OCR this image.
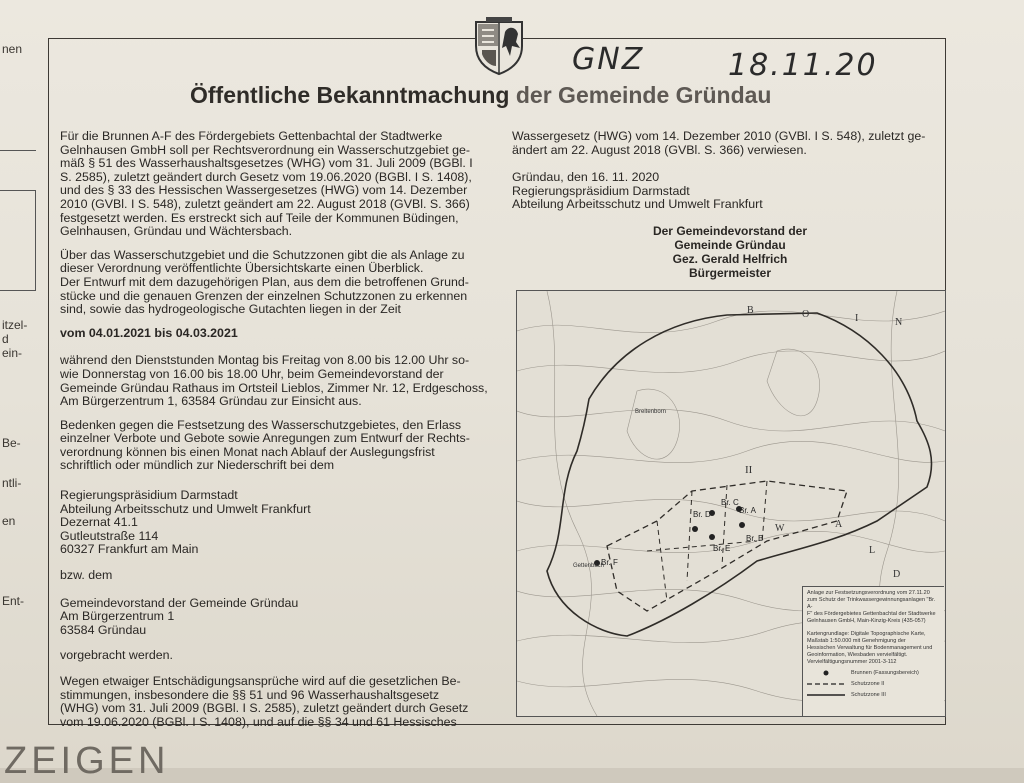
nen
itzel-
d
ein-
Be-
ntli-
en
Ent-
ZEIGEN
GNZ	18.11.20
Öffentliche Bekanntmachung der Gemeinde Gründau

Für die Brunnen A-F des Fördergebiets Gettenbachtal der Stadtwerke

Gelnhausen GmbH soll per Rechtsverordnung ein Wasserschutzgebiet ge-

mäß § 51 des Wasserhaushaltsgesetzes (WHG) vom 31. Juli 2009 (BGBl. I

S. 2585), zuletzt geändert durch Gesetz vom 19.06.2020 (BGBl. I S. 1408),

und des § 33 des Hessischen Wassergesetzes (HWG) vom 14. Dezember

2010 (GVBl. I S. 548), zuletzt geändert am 22. August 2018 (GVBl. S. 366)

festgesetzt werden. Es erstreckt sich auf Teile der Kommunen Büdingen,

Gelnhausen, Gründau und Wächtersbach.

Über das Wasserschutzgebiet und die Schutzzonen gibt die als Anlage zu

dieser Verordnung veröffentlichte Übersichtskarte einen Überblick.

Der Entwurf mit dem dazugehörigen Plan, aus dem die betroffenen Grund-

stücke und die genauen Grenzen der einzelnen Schutzzonen zu erkennen

sind, sowie das hydrogeologische Gutachten liegen in der Zeit

vom 04.01.2021 bis 04.03.2021

während den Dienststunden Montag bis Freitag von 8.00 bis 12.00 Uhr so-

wie Donnerstag von 16.00 bis 18.00 Uhr, beim Gemeindevorstand der

Gemeinde Gründau Rathaus im Ortsteil Lieblos, Zimmer Nr. 12, Erdgeschoss,

Am Bürgerzentrum 1, 63584 Gründau zur Einsicht aus.

Bedenken gegen die Festsetzung des Wasserschutzgebietes, den Erlass

einzelner Verbote und Gebote sowie Anregungen zum Entwurf der Rechts-

verordnung können bis einen Monat nach Ablauf der Auslegungsfrist

schriftlich oder mündlich zur Niederschrift bei dem

Regierungspräsidium Darmstadt

Abteilung Arbeitsschutz und Umwelt Frankfurt

Dezernat 41.1

Gutleutstraße 114

60327 Frankfurt am Main

bzw. dem

Gemeindevorstand der Gemeinde Gründau

Am Bürgerzentrum 1

63584 Gründau

vorgebracht werden.

Wegen etwaiger Entschädigungsansprüche wird auf die gesetzlichen Be-

stimmungen, insbesondere die §§ 51 und 96 Wasserhaushaltsgesetz

(WHG) vom 31. Juli 2009 (BGBl. I S. 2585), zuletzt geändert durch Gesetz

vom 19.06.2020 (BGBl. I S. 1408), und auf die §§ 34 und 61 Hessisches

Wassergesetz (HWG) vom 14. Dezember 2010 (GVBl. I S. 548), zuletzt ge-

ändert am 22. August 2018 (GVBl. S. 366) verwiesen.

Gründau, den 16. 11. 2020

Regierungspräsidium Darmstadt

Abteilung Arbeitsschutz und Umwelt Frankfurt

Der Gemeindevorstand der
Gemeinde Gründau
Gez. Gerald Helfrich
Bürgermeister
Br. D
Br. E
Br. A
Br. C
Br. B
Br. F
Breitenborn
Gettenbach
B	O	I	N
W	A
L
D
II

Anlage zur Festsetzungsverordnung vom 27.11.20

zum Schutz der Trinkwassergewinnungsanlagen "Br. A-

F" des Fördergebietes Gettenbachtal der Stadtwerke

Gelnhausen GmbH, Main-Kinzig-Kreis (435-057)

Kartengrundlage: Digitale Topographische Karte,

Maßstab 1:50.000 mit Genehmigung der

Hessischen Verwaltung für Bodenmanagement und

Geoinformation, Wiesbaden vervielfältigt.

Vervielfältigungsnummer 2001-3-112

Brunnen (Fassungsbereich)
Schutzzone II
Schutzzone III
